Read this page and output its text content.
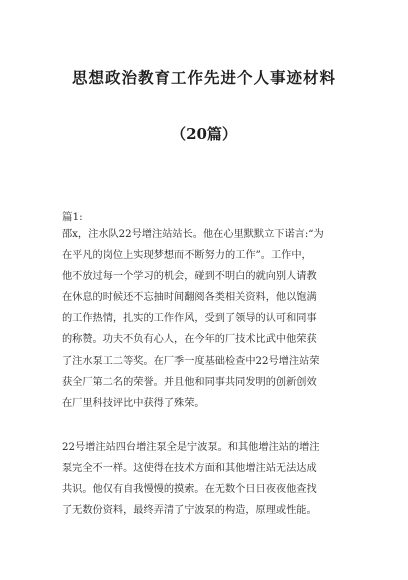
思想政治教育工作先进个人事迹材料
（20篇）
篇1:
邵x，注水队22号增注站站长。他在心里默默立下诺言:“为
在平凡的岗位上实现梦想而不断努力的工作”。工作中，
他不放过每一个学习的机会，碰到不明白的就向别人请教
在休息的时候还不忘抽时间翻阅各类相关资料，他以饱满
的工作热情，扎实的工作作风，受到了领导的认可和同事
的称赞。功夫不负有心人，在今年的厂技术比武中他荣获
了注水泵工二等奖。在厂季一度基础检查中22号增注站荣
获全厂第二名的荣誉。并且他和同事共同发明的创新创效
在厂里科技评比中获得了殊荣。
22号增注站四台增注泵全是宁波泵。和其他增注站的增注
泵完全不一样。这使得在技术方面和其他增注站无法达成
共识。他仅有自我慢慢的摸索。在无数个日日夜夜他查找
了无数份资料，最终弄清了宁波泵的构造，原理或性能。
